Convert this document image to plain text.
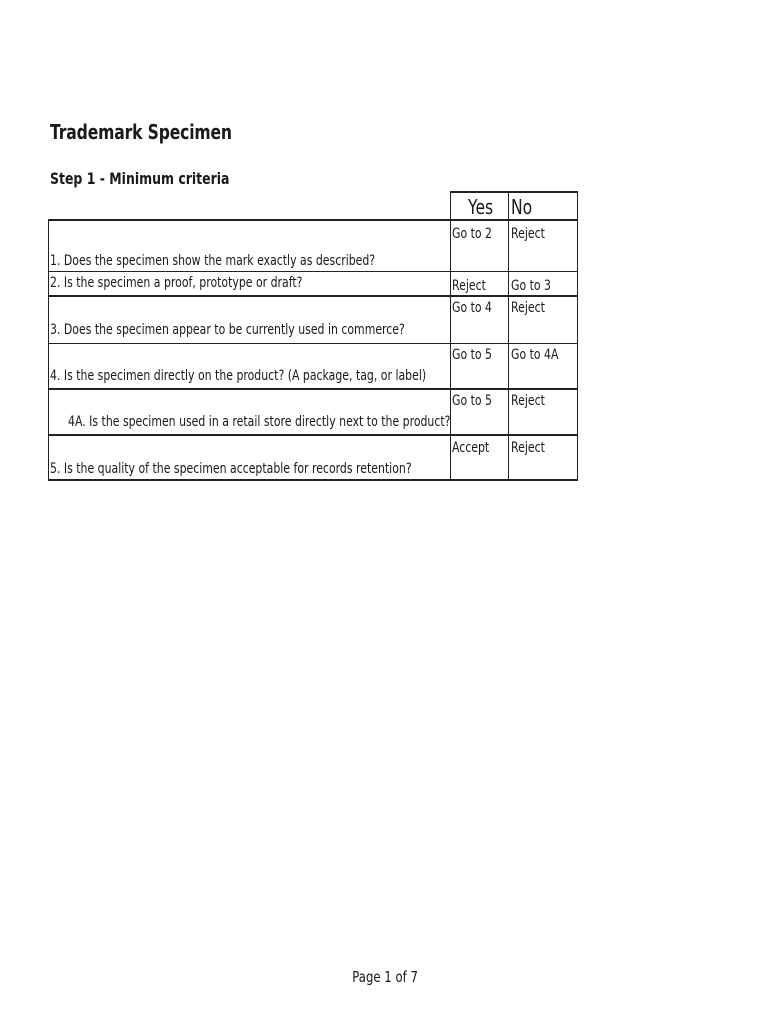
Trademark Specimen
Step 1 - Minimum criteria
Yes No
1. Does the specimen show the mark exactly as described?
Go to 2 Reject
2. Is the specimen a proof, prototype or draft?	Reject Go to 3
3. Does the specimen appear to be currently used in commerce?
Go to 4 Reject
4. Is the specimen directly on the product? (A package, tag, or label)
Go to 5 Go to 4A
4A. Is the specimen used in a retail store directly next to the product?
Go to 5 Reject
5. Is the quality of the specimen acceptable for records retention?
Accept Reject
Page 1 of 7
